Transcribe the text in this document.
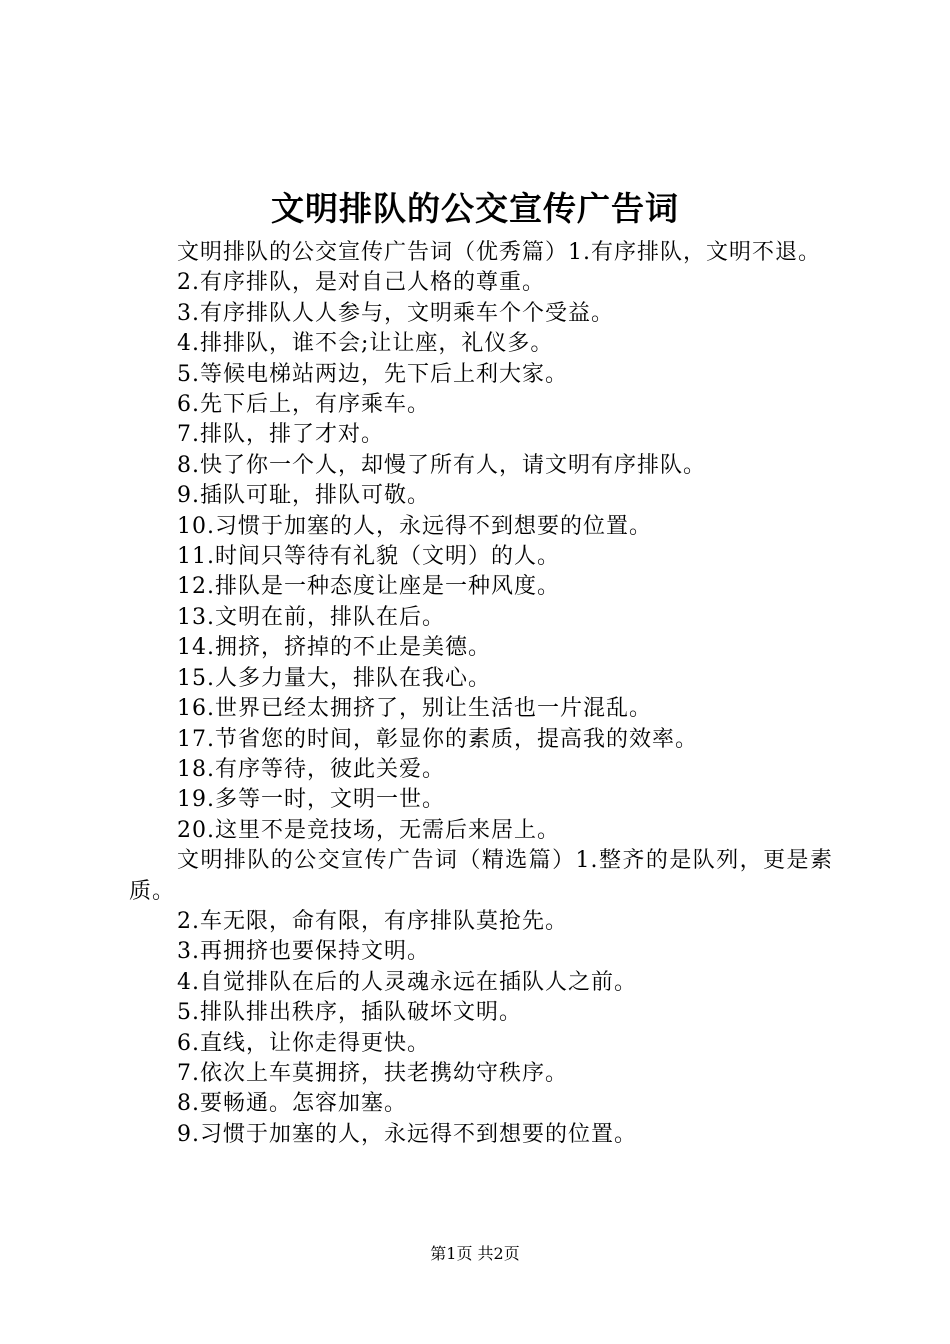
文明排队的公交宣传广告词

文明排队的公交宣传广告词（优秀篇）1.有序排队，文明不退。

2.有序排队，是对自己人格的尊重。

3.有序排队人人参与，文明乘车个个受益。

4.排排队，谁不会;让让座，礼仪多。

5.等候电梯站两边，先下后上利大家。

6.先下后上，有序乘车。

7.排队，排了才对。

8.快了你一个人，却慢了所有人，请文明有序排队。

9.插队可耻，排队可敬。

10.习惯于加塞的人，永远得不到想要的位置。

11.时间只等待有礼貌（文明）的人。

12.排队是一种态度让座是一种风度。

13.文明在前，排队在后。

14.拥挤，挤掉的不止是美德。

15.人多力量大，排队在我心。

16.世界已经太拥挤了，别让生活也一片混乱。

17.节省您的时间，彰显你的素质，提高我的效率。

18.有序等待，彼此关爱。

19.多等一时，文明一世。

20.这里不是竞技场，无需后来居上。

文明排队的公交宣传广告词（精选篇）1.整齐的是队列，更是素质。

2.车无限，命有限，有序排队莫抢先。

3.再拥挤也要保持文明。

4.自觉排队在后的人灵魂永远在插队人之前。

5.排队排出秩序，插队破坏文明。

6.直线，让你走得更快。

7.依次上车莫拥挤，扶老携幼守秩序。

8.要畅通。怎容加塞。

9.习惯于加塞的人，永远得不到想要的位置。

第1页 共2页
